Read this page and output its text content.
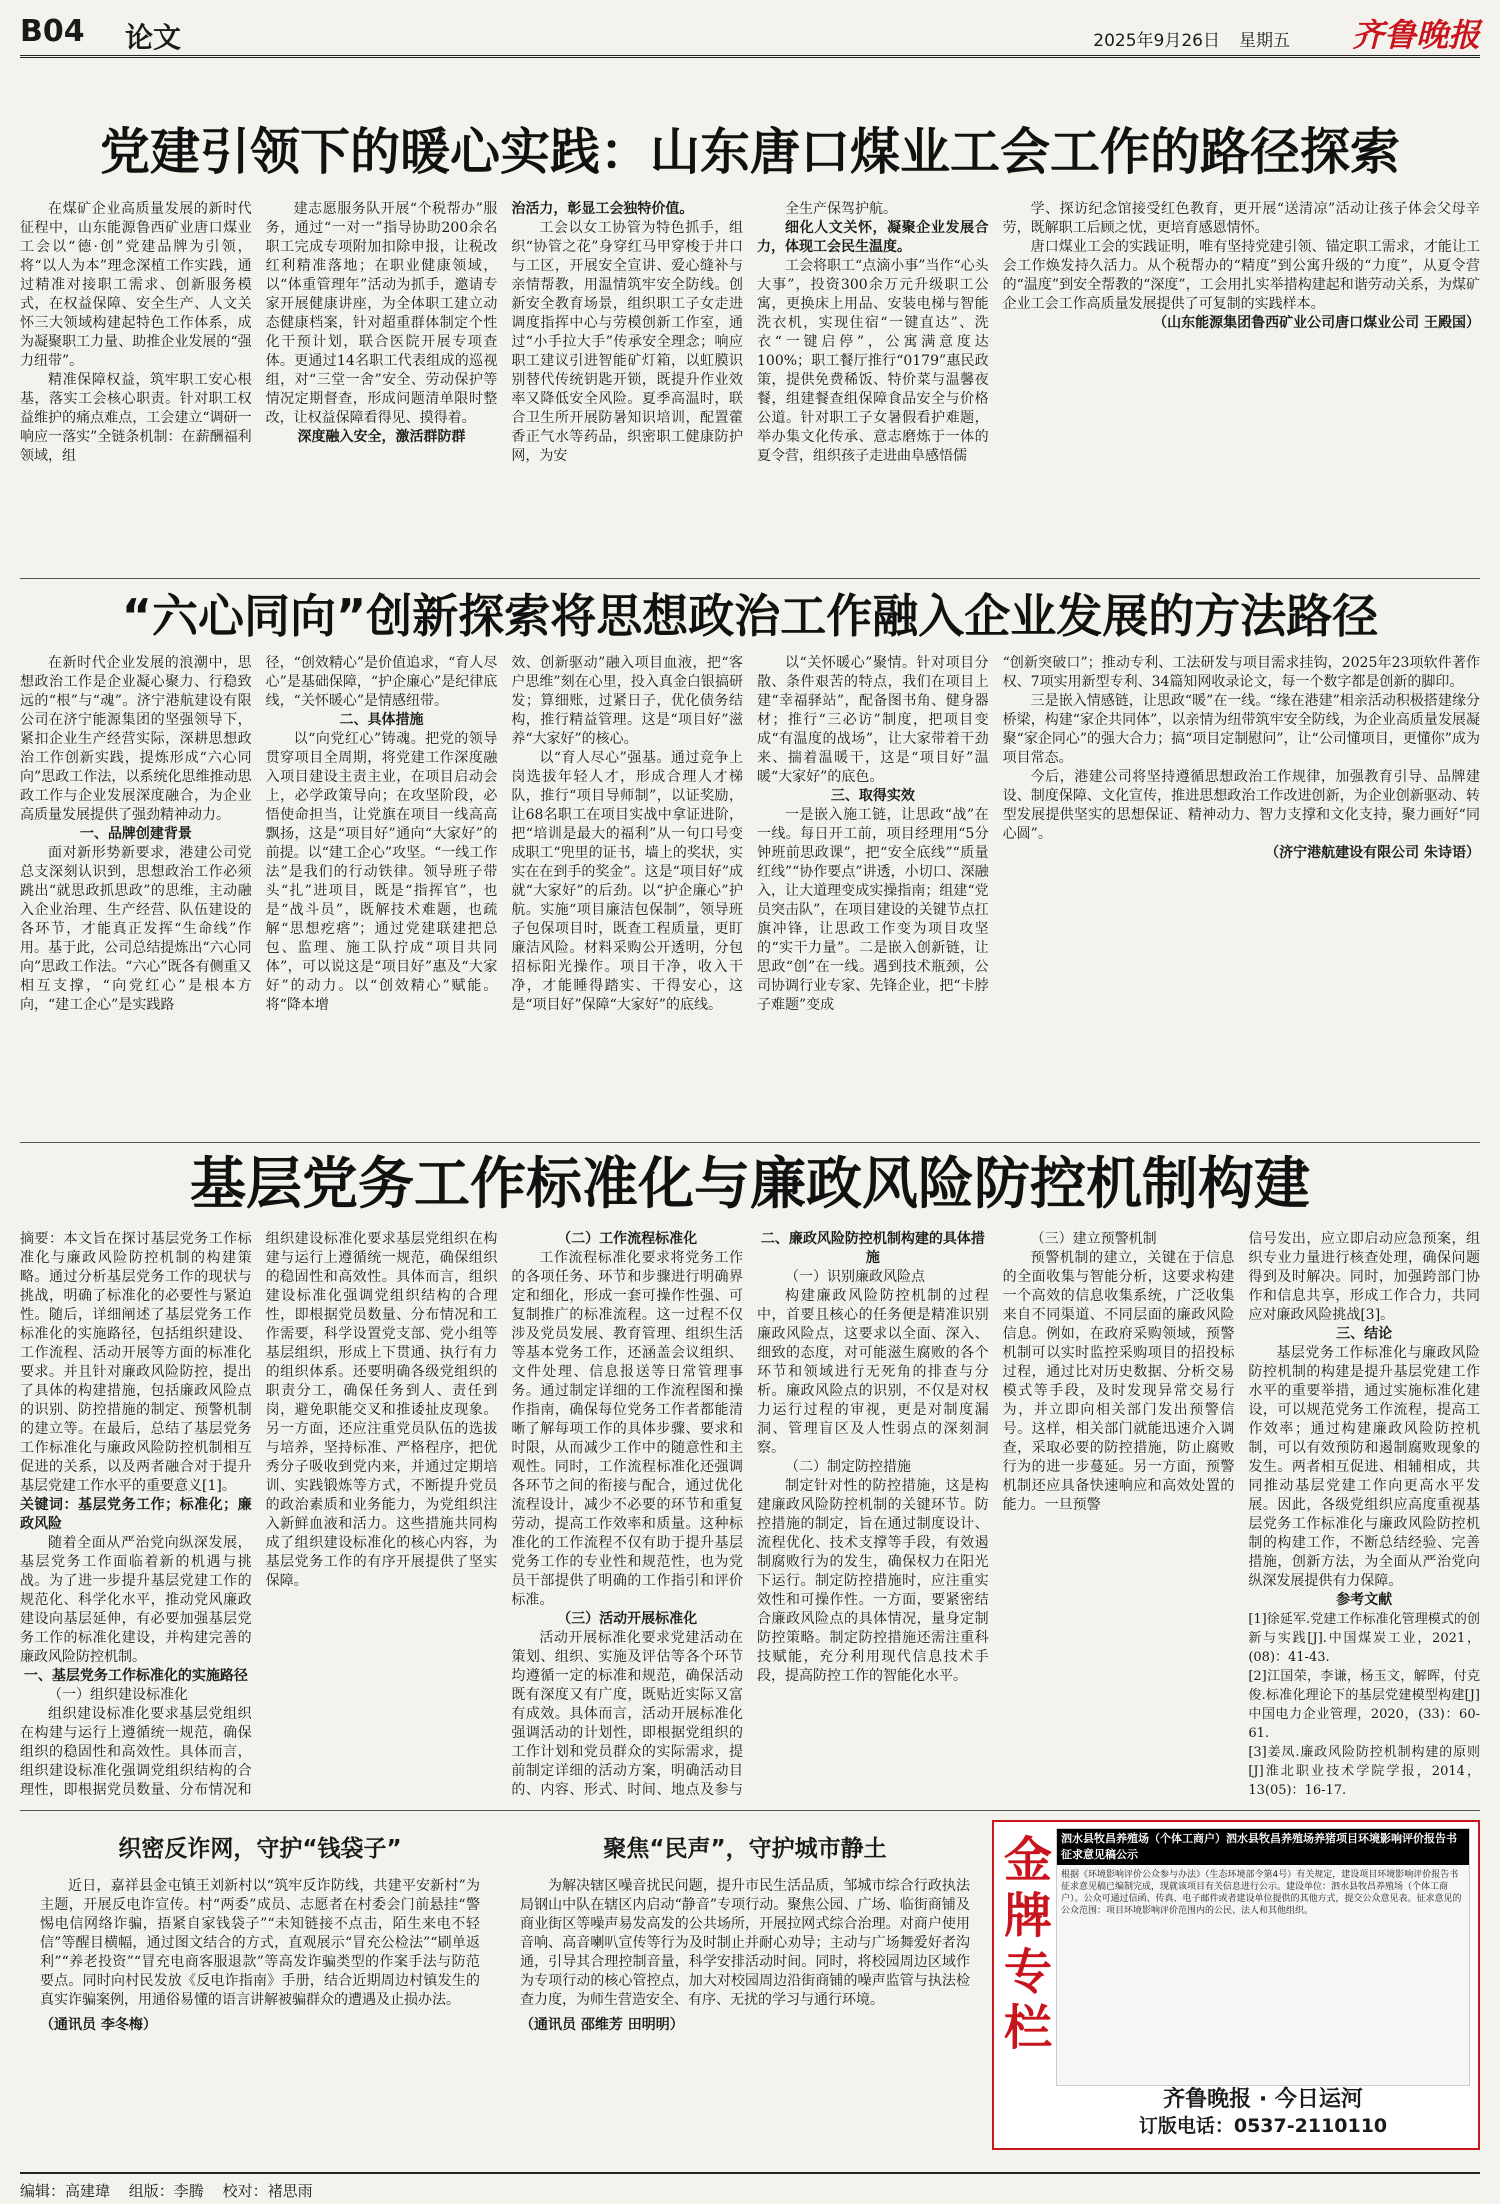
B04 论文	2025年9月26日 星期五 齐鲁晚报
党建引领下的暖心实践：山东唐口煤业工会工作的路径探索

在煤矿企业高质量发展的新时代征程中，山东能源鲁西矿业唐口煤业工会以“德·创”党建品牌为引领，将“以人为本”理念深植工作实践，通过精准对接职工需求、创新服务模式，在权益保障、安全生产、人文关怀三大领域构建起特色工作体系，成为凝聚职工力量、助推企业发展的“强力纽带”。

精准保障权益，筑牢职工安心根基，落实工会核心职责。针对职工权益维护的痛点难点，工会建立“调研一响应一落实”全链条机制：在薪酬福利领域，组

建志愿服务队开展“个税帮办”服务，通过“一对一”指导协助200余名职工完成专项附加扣除申报，让税改红利精准落地；在职业健康领域，以“体重管理年”活动为抓手，邀请专家开展健康讲座，为全体职工建立动态健康档案，针对超重群体制定个性化干预计划，联合医院开展专项查体。更通过14名职工代表组成的巡视组，对“三堂一舍”安全、劳动保护等情况定期督查，形成问题清单限时整改，让权益保障看得见、摸得着。

深度融入安全，激活群防群

治活力，彰显工会独特价值。

工会以女工协管为特色抓手，组织“协管之花”身穿红马甲穿梭于井口与工区，开展安全宣讲、爱心缝补与亲情帮教，用温情筑牢安全防线。创新安全教育场景，组织职工子女走进调度指挥中心与劳模创新工作室，通过“小手拉大手”传承安全理念；响应职工建议引进智能矿灯箱，以虹膜识别替代传统钥匙开锁，既提升作业效率又降低安全风险。夏季高温时，联合卫生所开展防暑知识培训，配置藿香正气水等药品，织密职工健康防护网，为安

全生产保驾护航。

细化人文关怀，凝聚企业发展合力，体现工会民生温度。

工会将职工“点滴小事”当作“心头大事”，投资300余万元升级职工公寓，更换床上用品、安装电梯与智能洗衣机，实现住宿“一键直达”、洗衣“一键启停”，公寓满意度达100%；职工餐厅推行“0179”惠民政策，提供免费稀饭、特价菜与温馨夜餐，组建餐查组保障食品安全与价格公道。针对职工子女暑假看护难题，举办集文化传承、意志磨炼于一体的夏令营，组织孩子走进曲阜感悟儒

学、探访纪念馆接受红色教育，更开展“送清凉”活动让孩子体会父母辛劳，既解职工后顾之忧，更培育感恩情怀。

唐口煤业工会的实践证明，唯有坚持党建引领、锚定职工需求，才能让工会工作焕发持久活力。从个税帮办的“精度”到公寓升级的“力度”，从夏令营的“温度”到安全帮教的“深度”，工会用扎实举措构建起和谐劳动关系，为煤矿企业工会工作高质量发展提供了可复制的实践样本。

（山东能源集团鲁西矿业公司唐口煤业公司 王殿国）

“六心同向”创新探索将思想政治工作融入企业发展的方法路径

在新时代企业发展的浪潮中，思想政治工作是企业凝心聚力、行稳致远的“根”与“魂”。济宁港航建设有限公司在济宁能源集团的坚强领导下，紧扣企业生产经营实际，深耕思想政治工作创新实践，提炼形成“六心同向”思政工作法，以系统化思维推动思政工作与企业发展深度融合，为企业高质量发展提供了强劲精神动力。

一、品牌创建背景

面对新形势新要求，港建公司党总支深刻认识到，思想政治工作必须跳出“就思政抓思政”的思维，主动融入企业治理、生产经营、队伍建设的各环节，才能真正发挥“生命线”作用。基于此，公司总结提炼出“六心同向”思政工作法。“六心”既各有侧重又相互支撑，“向党红心”是根本方向，“建工企心”是实践路

径，“创效精心”是价值追求，“育人尽心”是基础保障，“护企廉心”是纪律底线，“关怀暖心”是情感纽带。

二、具体措施

以“向党红心”铸魂。把党的领导贯穿项目全周期，将党建工作深度融入项目建设主责主业，在项目启动会上，必学政策导向；在攻坚阶段，必悟使命担当，让党旗在项目一线高高飘扬，这是“项目好”通向“大家好”的前提。以“建工企心”攻坚。“一线工作法”是我们的行动铁律。领导班子带头“扎”进项目，既是“指挥官”，也是“战斗员”，既解技术难题，也疏解“思想疙瘩”；通过党建联建把总包、监理、施工队拧成“项目共同体”，可以说这是“项目好”惠及“大家好”的动力。以“创效精心”赋能。将“降本增

效、创新驱动”融入项目血液，把“客户思维”刻在心里，投入真金白银搞研发；算细账，过紧日子，优化债务结构，推行精益管理。这是“项目好”滋养“大家好”的核心。

以“育人尽心”强基。通过竞争上岗选拔年轻人才，形成合理人才梯队，推行“项目导师制”，以证奖励，让68名职工在项目实战中拿证进阶，把“培训是最大的福利”从一句口号变成职工“兜里的证书，墙上的奖状，实实在在到手的奖金”。这是“项目好”成就“大家好”的后劲。以“护企廉心”护航。实施“项目廉洁包保制”，领导班子包保项目时，既查工程质量，更盯廉洁风险。材料采购公开透明，分包招标阳光操作。项目干净，收入干净，才能睡得踏实、干得安心，这是“项目好”保障“大家好”的底线。

以“关怀暖心”聚情。针对项目分散、条件艰苦的特点，我们在项目上建“幸福驿站”，配备图书角、健身器材；推行“三必访”制度，把项目变成“有温度的战场”，让大家带着干劲来、揣着温暖干，这是“项目好”温暖“大家好”的底色。

三、取得实效

一是嵌入施工链，让思政“战”在一线。每日开工前，项目经理用“5分钟班前思政课”，把“安全底线”“质量红线”“协作要点”讲透，小切口、深融入，让大道理变成实操指南；组建“党员突击队”，在项目建设的关键节点扛旗冲锋，让思政工作变为项目攻坚的“实干力量”。二是嵌入创新链，让思政“创”在一线。遇到技术瓶颈，公司协调行业专家、先锋企业，把“卡脖子难题”变成

“创新突破口”；推动专利、工法研发与项目需求挂钩，2025年23项软件著作权、7项实用新型专利、34篇知网收录论文，每一个数字都是创新的脚印。

三是嵌入情感链，让思政“暖”在一线。“缘在港建”相亲活动积极搭建缘分桥梁，构建“家企共同体”，以亲情为纽带筑牢安全防线，为企业高质量发展凝聚“家企同心”的强大合力；搞“项目定制慰问”，让“公司懂项目，更懂你”成为项目常态。

今后，港建公司将坚持遵循思想政治工作规律，加强教育引导、品牌建设、制度保障、文化宣传，推进思想政治工作改进创新，为企业创新驱动、转型发展提供坚实的思想保证、精神动力、智力支撑和文化支持，聚力画好“同心圆”。

（济宁港航建设有限公司 朱诗语）

基层党务工作标准化与廉政风险防控机制构建

摘要：本文旨在探讨基层党务工作标准化与廉政风险防控机制的构建策略。通过分析基层党务工作的现状与挑战，明确了标准化的必要性与紧迫性。随后，详细阐述了基层党务工作标准化的实施路径，包括组织建设、工作流程、活动开展等方面的标准化要求。并且针对廉政风险防控，提出了具体的构建措施，包括廉政风险点的识别、防控措施的制定、预警机制的建立等。在最后，总结了基层党务工作标准化与廉政风险防控机制相互促进的关系，以及两者融合对于提升基层党建工作水平的重要意义[1]。

关键词：基层党务工作；标准化；廉政风险

随着全面从严治党向纵深发展，基层党务工作面临着新的机遇与挑战。为了进一步提升基层党建工作的规范化、科学化水平，推动党风廉政建设向基层延伸，有必要加强基层党务工作的标准化建设，并构建完善的廉政风险防控机制。

一、基层党务工作标准化的实施路径

（一）组织建设标准化

组织建设标准化要求基层党组织在构建与运行上遵循统一规范，确保组织的稳固性和高效性。具体而言，组织建设标准化强调党组织结构的合理性，即根据党员数量、分布情况和

组织建设标准化要求基层党组织在构建与运行上遵循统一规范，确保组织的稳固性和高效性。具体而言，组织建设标准化强调党组织结构的合理性，即根据党员数量、分布情况和工作需要，科学设置党支部、党小组等基层组织，形成上下贯通、执行有力的组织体系。还要明确各级党组织的职责分工，确保任务到人、责任到岗，避免职能交叉和推诿扯皮现象。另一方面，还应注重党员队伍的选拔与培养，坚持标准、严格程序，把优秀分子吸收到党内来，并通过定期培训、实践锻炼等方式，不断提升党员的政治素质和业务能力，为党组织注入新鲜血液和活力。这些措施共同构成了组织建设标准化的核心内容，为基层党务工作的有序开展提供了坚实保障。

（二）工作流程标准化

工作流程标准化要求将党务工作的各项任务、环节和步骤进行明确界定和细化，形成一套可操作性强、可复制推广的标准流程。这一过程不仅涉及党员发展、教育管理、组织生活等基本党务工作，还涵盖会议组织、文件处理、信息报送等日常管理事务。通过制定详细的工作流程图和操作指南，确保每位党务工作者都能清晰了解每项工作的具体步骤、要求和时限，从而减少工作中的随意性和主观性。同时，工作流程标准化还强调各环节之间的衔接与配合，通过优化流程设计，减少不必要的环节和重复劳动，提高工作效率和质量。这种标准化的工作流程不仅有助于提升基层党务工作的专业性和规范性，也为党员干部提供了明确的工作指引和评价标准。

（三）活动开展标准化

活动开展标准化要求党建活动在策划、组织、实施及评估等各个环节均遵循一定的标准和规范，确保活动既有深度又有广度，既贴近实际又富有成效。具体而言，活动开展标准化强调活动的计划性，即根据党组织的工作计划和党员群众的实际需求，提前制定详细的活动方案，明确活动目的、内容、形式、时间、地点及参与

二、廉政风险防控机制构建的具体措施

（一）识别廉政风险点

构建廉政风险防控机制的过程中，首要且核心的任务便是精准识别廉政风险点，这要求以全面、深入、细致的态度，对可能滋生腐败的各个环节和领域进行无死角的排查与分析。廉政风险点的识别，不仅是对权力运行过程的审视，更是对制度漏洞、管理盲区及人性弱点的深刻洞察。

（二）制定防控措施

制定针对性的防控措施，这是构建廉政风险防控机制的关键环节。防控措施的制定，旨在通过制度设计、流程优化、技术支撑等手段，有效遏制腐败行为的发生，确保权力在阳光下运行。制定防控措施时，应注重实效性和可操作性。一方面，要紧密结合廉政风险点的具体情况，量身定制防控策略。制定防控措施还需注重科技赋能，充分利用现代信息技术手段，提高防控工作的智能化水平。

（三）建立预警机制

预警机制的建立，关键在于信息的全面收集与智能分析，这要求构建一个高效的信息收集系统，广泛收集来自不同渠道、不同层面的廉政风险信息。例如，在政府采购领域，预警机制可以实时监控采购项目的招投标过程，通过比对历史数据、分析交易模式等手段，及时发现异常交易行为，并立即向相关部门发出预警信号。这样，相关部门就能迅速介入调查，采取必要的防控措施，防止腐败行为的进一步蔓延。另一方面，预警机制还应具备快速响应和高效处置的能力。一旦预警

信号发出，应立即启动应急预案，组织专业力量进行核查处理，确保问题得到及时解决。同时，加强跨部门协作和信息共享，形成工作合力，共同应对廉政风险挑战[3]。

三、结论

基层党务工作标准化与廉政风险防控机制的构建是提升基层党建工作水平的重要举措，通过实施标准化建设，可以规范党务工作流程，提高工作效率；通过构建廉政风险防控机制，可以有效预防和遏制腐败现象的发生。两者相互促进、相辅相成，共同推动基层党建工作向更高水平发展。因此，各级党组织应高度重视基层党务工作标准化与廉政风险防控机制的构建工作，不断总结经验、完善措施，创新方法，为全面从严治党向纵深发展提供有力保障。

参考文献

[1]徐延军.党建工作标准化管理模式的创新与实践[J].中国煤炭工业，2021，(08)：41-43.

[2]江国荣，李谦，杨玉文，解晖，付克俊.标准化理论下的基层党建模型构建[J]中国电力企业管理，2020，(33)：60-61.

[3]姜凤.廉政风险防控机制构建的原则[J]淮北职业技术学院学报，2014，13(05)：16-17.

织密反诈网，守护“钱袋子”
近日，嘉祥县金屯镇王刘新村以“筑牢反诈防线，共建平安新村”为主题，开展反电诈宣传。村“两委”成员、志愿者在村委会门前悬挂“警惕电信网络诈骗，捂紧自家钱袋子”“未知链接不点击，陌生来电不轻信”等醒目横幅，通过图文结合的方式，直观展示“冒充公检法”“刷单返利”“养老投资”“冒充电商客服退款”等高发诈骗类型的作案手法与防范要点。同时向村民发放《反电诈指南》手册，结合近期周边村镇发生的真实诈骗案例，用通俗易懂的语言讲解被骗群众的遭遇及止损办法。
（通讯员 李冬梅）
聚焦“民声”，守护城市静土
为解决辖区噪音扰民问题，提升市民生活品质，邹城市综合行政执法局钢山中队在辖区内启动“静音”专项行动。聚焦公园、广场、临街商铺及商业街区等噪声易发高发的公共场所，开展拉网式综合治理。对商户使用音响、高音喇叭宣传等行为及时制止并耐心劝导；主动与广场舞爱好者沟通，引导其合理控制音量，科学安排活动时间。同时，将校园周边区域作为专项行动的核心管控点，加大对校园周边沿街商铺的噪声监管与执法检查力度，为师生营造安全、有序、无扰的学习与通行环境。
（通讯员 邵维芳 田明明）
金牌专栏
泗水县牧昌养殖场（个体工商户）泗水县牧昌养殖场养猪项目环境影响评价报告书征求意见稿公示
根据《环境影响评价公众参与办法》（生态环境部令第4号）有关规定，建设项目环境影响评价报告书征求意见稿已编制完成，现就该项目有关信息进行公示。建设单位：泗水县牧昌养殖场（个体工商户）。公众可通过信函、传真、电子邮件或者建设单位提供的其他方式，提交公众意见表。征求意见的公众范围：项目环境影响评价范围内的公民、法人和其他组织。
齐鲁晚报 · 今日运河
订版电话：0537-2110110
编辑：高建瑋 组版：李腾 校对：褚思雨
